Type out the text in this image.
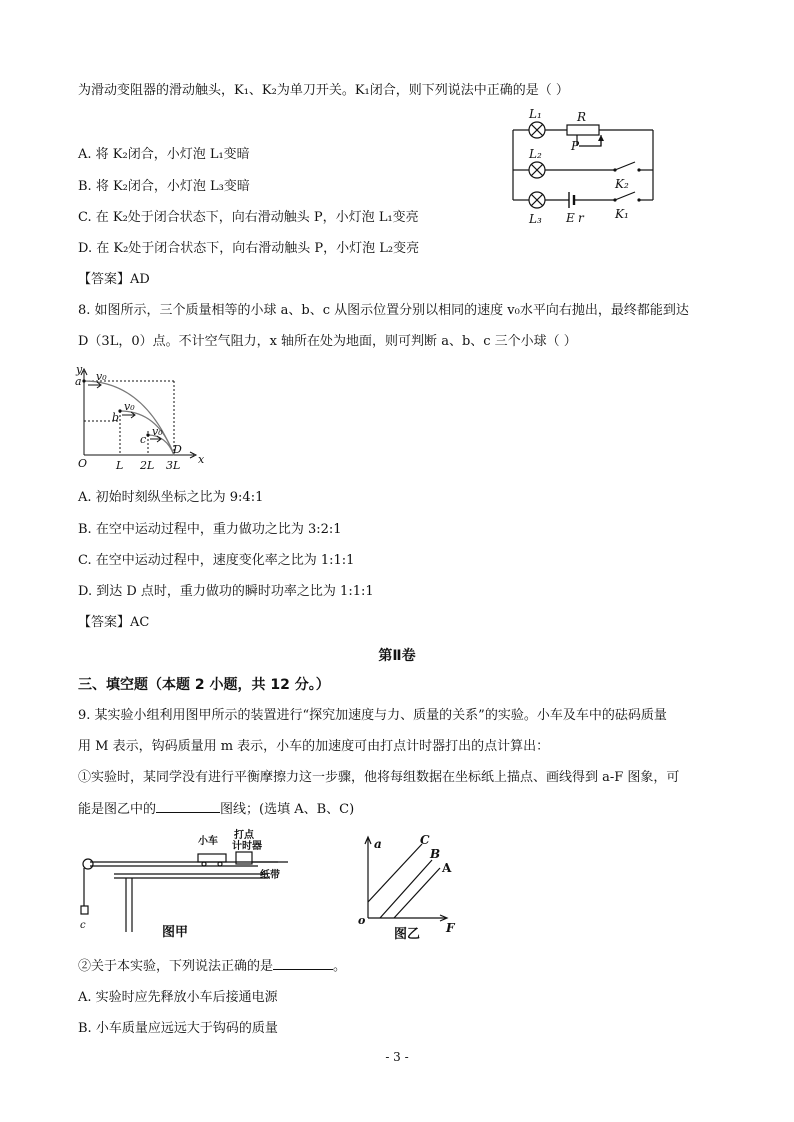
为滑动变阻器的滑动触头，K₁、K₂为单刀开关。K₁闭合，则下列说法中正确的是（ ）
A. 将 K₂闭合，小灯泡 L₁变暗
B. 将 K₂闭合，小灯泡 L₃变暗
C. 在 K₂处于闭合状态下，向右滑动触头 P，小灯泡 L₁变亮
D. 在 K₂处于闭合状态下，向右滑动触头 P，小灯泡 L₂变亮
【答案】AD
L₁	R
P
L₂
K₂
L₃ E r	K₁
8. 如图所示，三个质量相等的小球 a、b、c 从图示位置分别以相同的速度 v₀水平向右抛出，最终都能到达
D（3L，0）点。不计空气阻力，x 轴所在处为地面，则可判断 a、b、c 三个小球（ ）
y
x
a
b
c
v₀
v₀
v₀
D
O	L 2L 3L
A. 初始时刻纵坐标之比为 9:4:1
B. 在空中运动过程中，重力做功之比为 3:2:1
C. 在空中运动过程中，速度变化率之比为 1:1:1
D. 到达 D 点时，重力做功的瞬时功率之比为 1:1:1
【答案】AC
第Ⅱ卷
三、填空题（本题 2 小题，共 12 分。）
9. 某实验小组利用图甲所示的装置进行“探究加速度与力、质量的关系”的实验。小车及车中的砝码质量
用 M 表示，钩码质量用 m 表示，小车的加速度可由打点计时器打出的点计算出：
①实验时，某同学没有进行平衡摩擦力这一步骤，他将每组数据在坐标纸上描点、画线得到 a-F 图象，可
能是图乙中的	图线；(选填 A、B、C)
小车
打点
计时器
纸带
图甲
c
a	C
B
A
o
F
图乙
②关于本实验，下列说法正确的是	。
A. 实验时应先释放小车后接通电源
B. 小车质量应远远大于钩码的质量
- 3 -
